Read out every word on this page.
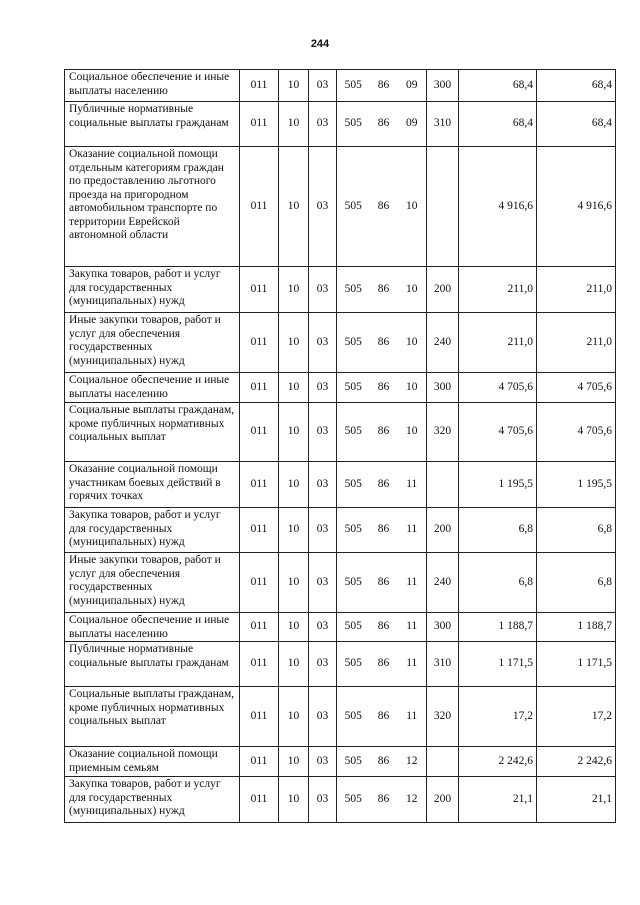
244
Социальное обеспечение и иные выплаты населению	011	10	03	505	86	09	300	68,4	68,4
Публичные нормативные социальные выплаты гражданам	011	10	03	505	86	09	310	68,4	68,4
Оказание социальной помощи отдельным категориям граждан по предоставлению льготного проезда на пригородном автомобильном транспорте по территории Еврейской автономной области	011	10	03	505	86	10		4 916,6	4 916,6
Закупка товаров, работ и услуг для государственных (муниципальных) нужд	011	10	03	505	86	10	200	211,0	211,0
Иные закупки товаров, работ и услуг для обеспечения государственных (муниципальных) нужд	011	10	03	505	86	10	240	211,0	211,0
Социальное обеспечение и иные выплаты населению	011	10	03	505	86	10	300	4 705,6	4 705,6
Социальные выплаты гражданам, кроме публичных нормативных социальных выплат	011	10	03	505	86	10	320	4 705,6	4 705,6
Оказание социальной помощи участникам боевых действий в горячих точках	011	10	03	505	86	11		1 195,5	1 195,5
Закупка товаров, работ и услуг для государственных (муниципальных) нужд	011	10	03	505	86	11	200	6,8	6,8
Иные закупки товаров, работ и услуг для обеспечения государственных (муниципальных) нужд	011	10	03	505	86	11	240	6,8	6,8
Социальное обеспечение и иные выплаты населению	011	10	03	505	86	11	300	1 188,7	1 188,7
Публичные нормативные социальные выплаты гражданам	011	10	03	505	86	11	310	1 171,5	1 171,5
Социальные выплаты гражданам, кроме публичных нормативных социальных выплат	011	10	03	505	86	11	320	17,2	17,2
Оказание социальной помощи приемным семьям	011	10	03	505	86	12		2 242,6	2 242,6
Закупка товаров, работ и услуг для государственных (муниципальных) нужд	011	10	03	505	86	12	200	21,1	21,1
